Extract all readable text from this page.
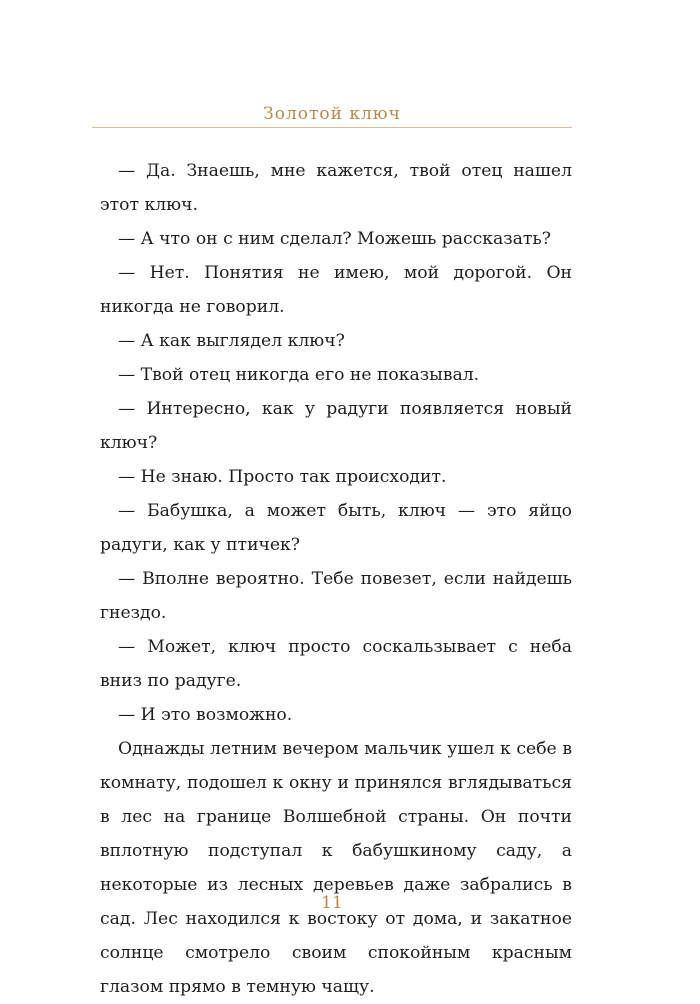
Золотой ключ

— Да. Знаешь, мне кажется, твой отец нашел этот ключ.

— А что он с ним сделал? Можешь рассказать?

— Нет. Понятия не имею, мой дорогой. Он никогда не говорил.

— А как выглядел ключ?

— Твой отец никогда его не показывал.

— Интересно, как у радуги появляется новый ключ?

— Не знаю. Просто так происходит.

— Бабушка, а может быть, ключ — это яйцо радуги, как у птичек?

— Вполне вероятно. Тебе повезет, если найдешь гнездо.

— Может, ключ просто соскальзывает с неба вниз по радуге.

— И это возможно.

Однажды летним вечером мальчик ушел к себе в комнату, подошел к окну и принялся вглядываться в лес на границе Волшебной страны. Он почти вплотную подступал к бабушкиному саду, а некоторые из лесных деревьев даже забрались в сад. Лес находился к востоку от дома, и закатное солнце смотрело своим спокойным красным глазом прямо в темную чащу.

11
